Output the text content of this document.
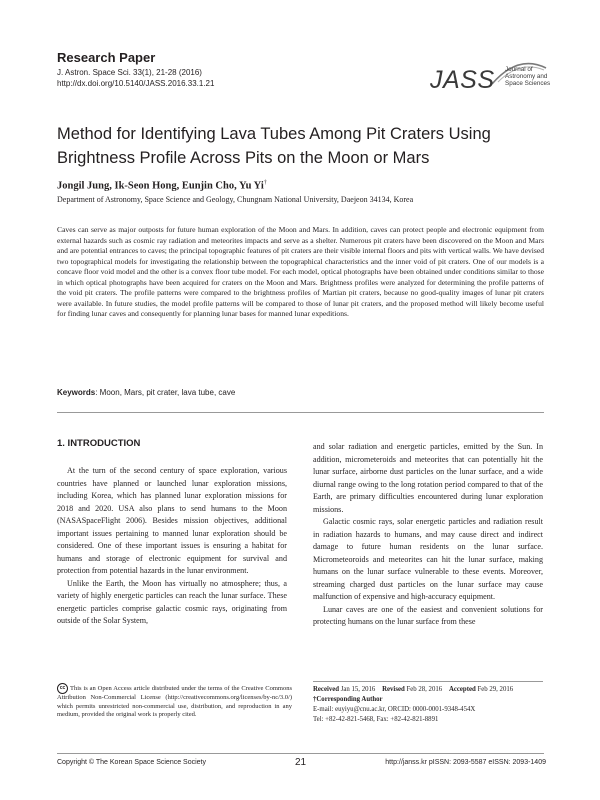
Research Paper
J. Astron. Space Sci. 33(1), 21-28 (2016)
http://dx.doi.org/10.5140/JASS.2016.33.1.21	JASS Journal of
Astronomy and
Space Sciences
Method for Identifying Lava Tubes Among Pit Craters Using Brightness Profile Across Pits on the Moon or Mars
Jongil Jung, Ik-Seon Hong, Eunjin Cho, Yu Yi†
Department of Astronomy, Space Science and Geology, Chungnam National University, Daejeon 34134, Korea

Caves can serve as major outposts for future human exploration of the Moon and Mars. In addition, caves can protect people and electronic equipment from external hazards such as cosmic ray radiation and meteorites impacts and serve as a shelter. Numerous pit craters have been discovered on the Moon and Mars and are potential entrances to caves; the principal topographic features of pit craters are their visible internal floors and pits with vertical walls. We have devised two topographical models for investigating the relationship between the topographical characteristics and the inner void of pit craters. One of our models is a concave floor void model and the other is a convex floor tube model. For each model, optical photographs have been obtained under conditions similar to those in which optical photographs have been acquired for craters on the Moon and Mars. Brightness profiles were analyzed for determining the profile patterns of the void pit craters. The profile patterns were compared to the brightness profiles of Martian pit craters, because no good-quality images of lunar pit craters were available. In future studies, the model profile patterns will be compared to those of lunar pit craters, and the proposed method will likely become useful for finding lunar caves and consequently for planning lunar bases for manned lunar expeditions.

Keywords: Moon, Mars, pit crater, lava tube, cave
1. INTRODUCTION

At the turn of the second century of space exploration, various countries have planned or launched lunar exploration missions, including Korea, which has planned lunar exploration missions for 2018 and 2020. USA also plans to send humans to the Moon (NASASpaceFlight 2006). Besides mission objectives, additional important issues pertaining to manned lunar exploration should be considered. One of these important issues is ensuring a habitat for humans and storage of electronic equipment for survival and protection from potential hazards in the lunar environment.

Unlike the Earth, the Moon has virtually no atmosphere; thus, a variety of highly energetic particles can reach the lunar surface. These energetic particles comprise galactic cosmic rays, originating from outside of the Solar System,

and solar radiation and energetic particles, emitted by the Sun. In addition, micrometeroids and meteorites that can potentially hit the lunar surface, airborne dust particles on the lunar surface, and a wide diurnal range owing to the long rotation period compared to that of the Earth, are primary difficulties encountered during lunar exploration missions.

Galactic cosmic rays, solar energetic particles and radiation result in radiation hazards to humans, and may cause direct and indirect damage to future human residents on the lunar surface. Micrometeoroids and meteorites can hit the lunar surface, making humans on the lunar surface vulnerable to these events. Moreover, streaming charged dust particles on the lunar surface may cause malfunction of expensive and high-accuracy equipment.

Lunar caves are one of the easiest and convenient solutions for protecting humans on the lunar surface from these

cc This is an Open Access article distributed under the terms of the Creative Commons Attribution Non-Commercial License (http://creativecommons.org/licenses/by-nc/3.0/) which permits unrestricted non-commercial use, distribution, and reproduction in any medium, provided the original work is properly cited.
Received Jan 15, 2016 Revised Feb 28, 2016 Accepted Feb 29, 2016
†Corresponding Author
E-mail: euyiyu@cnu.ac.kr, ORCID: 0000-0001-9348-454X
Tel: +82-42-821-5468, Fax: +82-42-821-8891
Copyright © The Korean Space Science Society	21	http://janss.kr pISSN: 2093-5587 eISSN: 2093-1409
